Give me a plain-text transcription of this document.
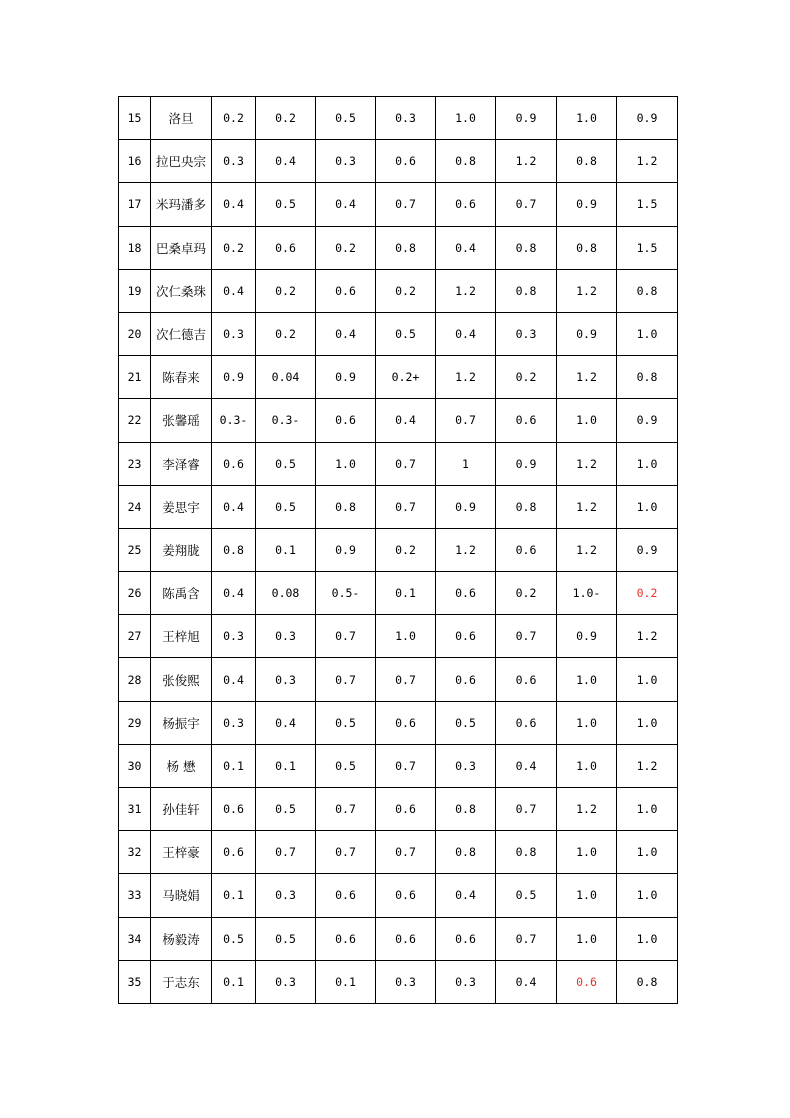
15	洛旦	0.2	0.2	0.5	0.3	1.0	0.9	1.0	0.9
16	拉巴央宗	0.3	0.4	0.3	0.6	0.8	1.2	0.8	1.2
17	米玛潘多	0.4	0.5	0.4	0.7	0.6	0.7	0.9	1.5
18	巴桑卓玛	0.2	0.6	0.2	0.8	0.4	0.8	0.8	1.5
19	次仁桑珠	0.4	0.2	0.6	0.2	1.2	0.8	1.2	0.8
20	次仁德吉	0.3	0.2	0.4	0.5	0.4	0.3	0.9	1.0
21	陈春来	0.9	0.04	0.9	0.2+	1.2	0.2	1.2	0.8
22	张馨瑶	0.3-	0.3-	0.6	0.4	0.7	0.6	1.0	0.9
23	李泽睿	0.6	0.5	1.0	0.7	1	0.9	1.2	1.0
24	姜思宇	0.4	0.5	0.8	0.7	0.9	0.8	1.2	1.0
25	姜翔胧	0.8	0.1	0.9	0.2	1.2	0.6	1.2	0.9
26	陈禹含	0.4	0.08	0.5-	0.1	0.6	0.2	1.0-	0.2
27	王梓旭	0.3	0.3	0.7	1.0	0.6	0.7	0.9	1.2
28	张俊熙	0.4	0.3	0.7	0.7	0.6	0.6	1.0	1.0
29	杨振宇	0.3	0.4	0.5	0.6	0.5	0.6	1.0	1.0
30	杨 懋	0.1	0.1	0.5	0.7	0.3	0.4	1.0	1.2
31	孙佳轩	0.6	0.5	0.7	0.6	0.8	0.7	1.2	1.0
32	王梓豪	0.6	0.7	0.7	0.7	0.8	0.8	1.0	1.0
33	马晓娟	0.1	0.3	0.6	0.6	0.4	0.5	1.0	1.0
34	杨毅涛	0.5	0.5	0.6	0.6	0.6	0.7	1.0	1.0
35	于志东	0.1	0.3	0.1	0.3	0.3	0.4	0.6	0.8
